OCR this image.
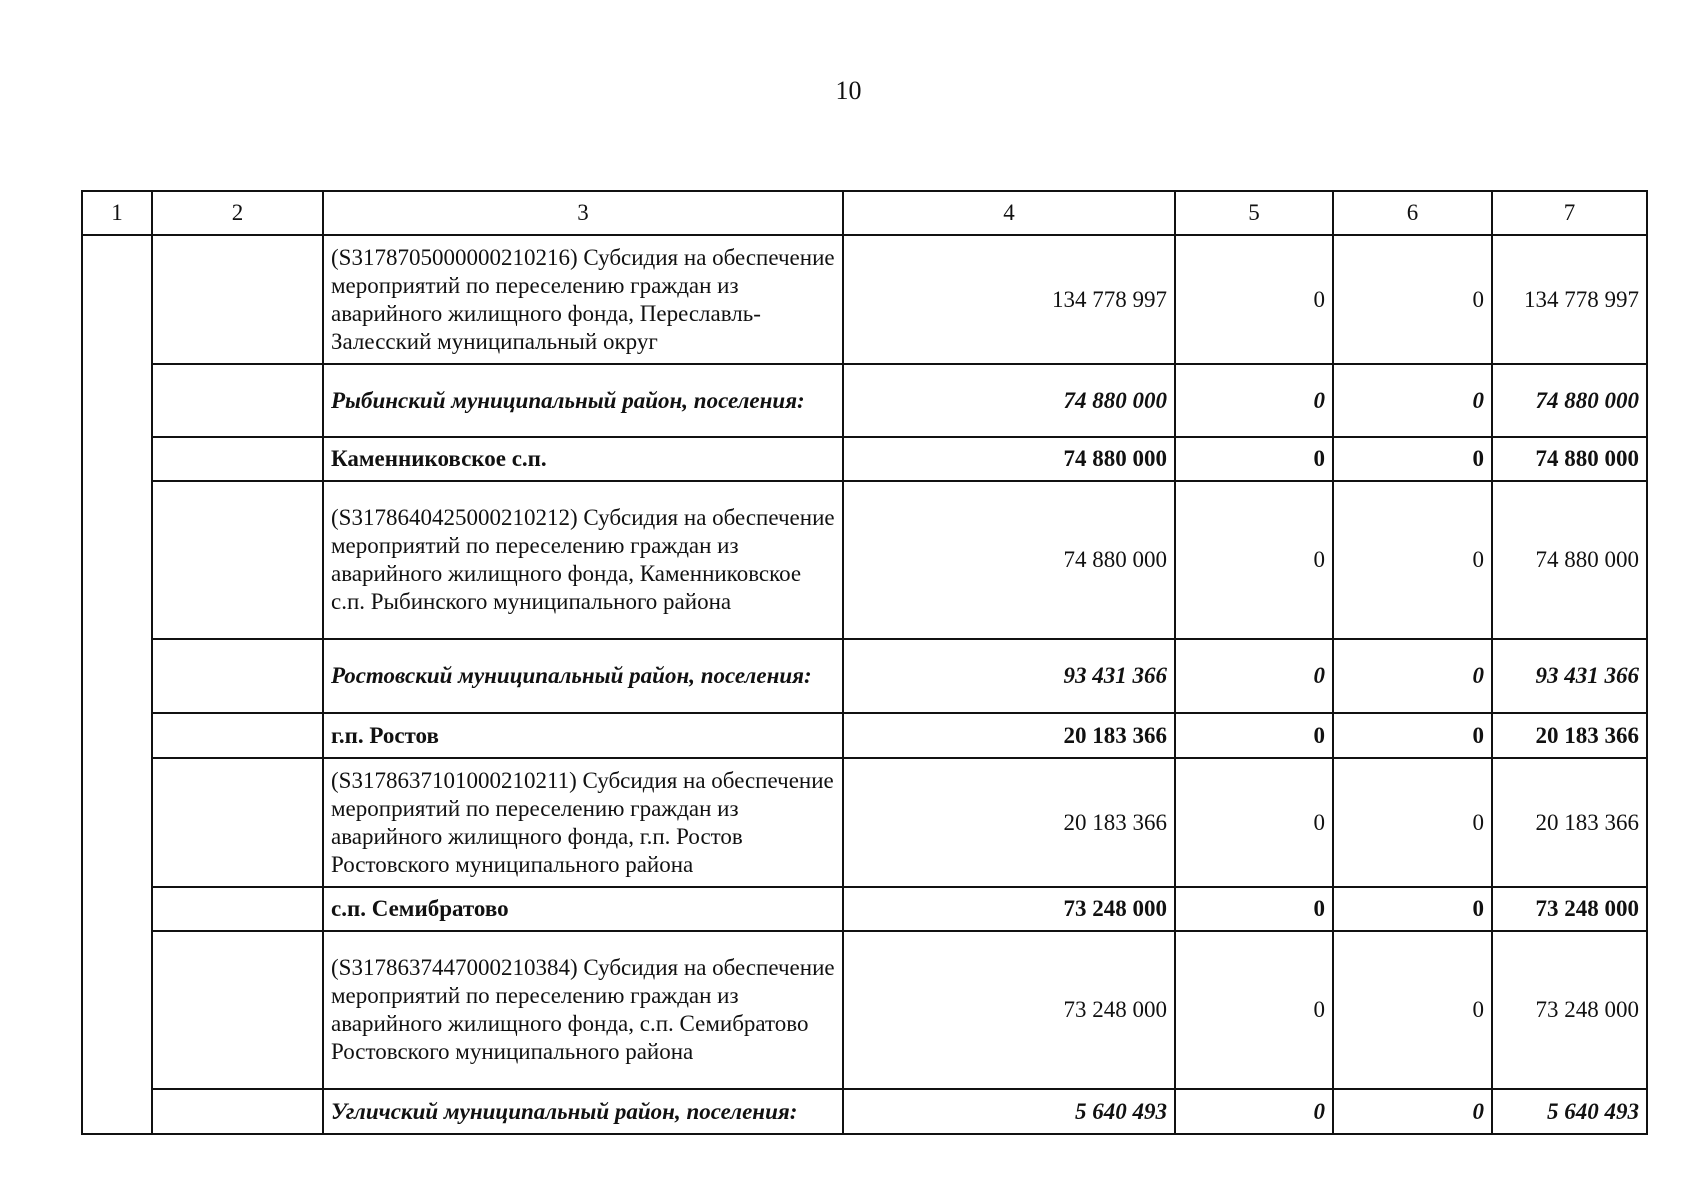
10
1	2	3	4	5	6	7
		(S3178705000000210216) Субсидия на обеспечение мероприятий по переселению граждан из аварийного жилищного фонда, Переславль-Залесский муниципальный округ	134 778 997	0	0	134 778 997
		Рыбинский муниципальный район, поселения:	74 880 000	0	0	74 880 000
		Каменниковское с.п.	74 880 000	0	0	74 880 000
		(S3178640425000210212) Субсидия на обеспечение мероприятий по переселению граждан из аварийного жилищного фонда, Каменниковское с.п. Рыбинского муниципального района	74 880 000	0	0	74 880 000
		Ростовский муниципальный район, поселения:	93 431 366	0	0	93 431 366
		г.п. Ростов	20 183 366	0	0	20 183 366
		(S3178637101000210211) Субсидия на обеспечение мероприятий по переселению граждан из аварийного жилищного фонда, г.п. Ростов Ростовского муниципального района	20 183 366	0	0	20 183 366
		с.п. Семибратово	73 248 000	0	0	73 248 000
		(S3178637447000210384) Субсидия на обеспечение мероприятий по переселению граждан из аварийного жилищного фонда, с.п. Семибратово Ростовского муниципального района	73 248 000	0	0	73 248 000
		Угличский муниципальный район, поселения:	5 640 493	0	0	5 640 493
